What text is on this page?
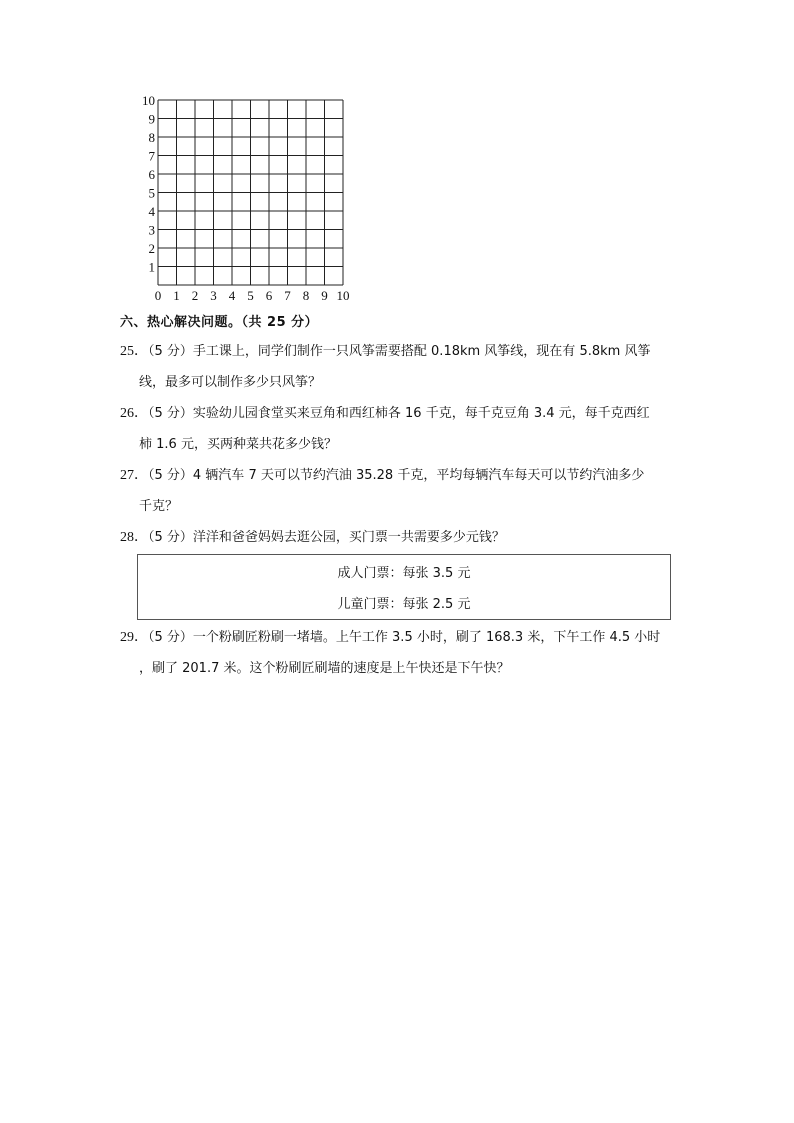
10
9
8
7
6
5
4
3
2
1
0 1 2 3 4 5 6 7 8 9 10
六、热心解决问题。（共 25 分）
25．（5 分）手工课上，同学们制作一只风筝需要搭配 0.18km 风筝线，现在有 5.8km 风筝
线，最多可以制作多少只风筝？
26．（5 分）实验幼儿园食堂买来豆角和西红柿各 16 千克，每千克豆角 3.4 元，每千克西红
柿 1.6 元，买两种菜共花多少钱？
27．（5 分）4 辆汽车 7 天可以节约汽油 35.28 千克，平均每辆汽车每天可以节约汽油多少
千克？
28．（5 分）洋洋和爸爸妈妈去逛公园，买门票一共需要多少元钱？
成人门票：每张 3.5 元
儿童门票：每张 2.5 元
29．（5 分）一个粉刷匠粉刷一堵墙。上午工作 3.5 小时，刷了 168.3 米，下午工作 4.5 小时
，刷了 201.7 米。这个粉刷匠刷墙的速度是上午快还是下午快？
